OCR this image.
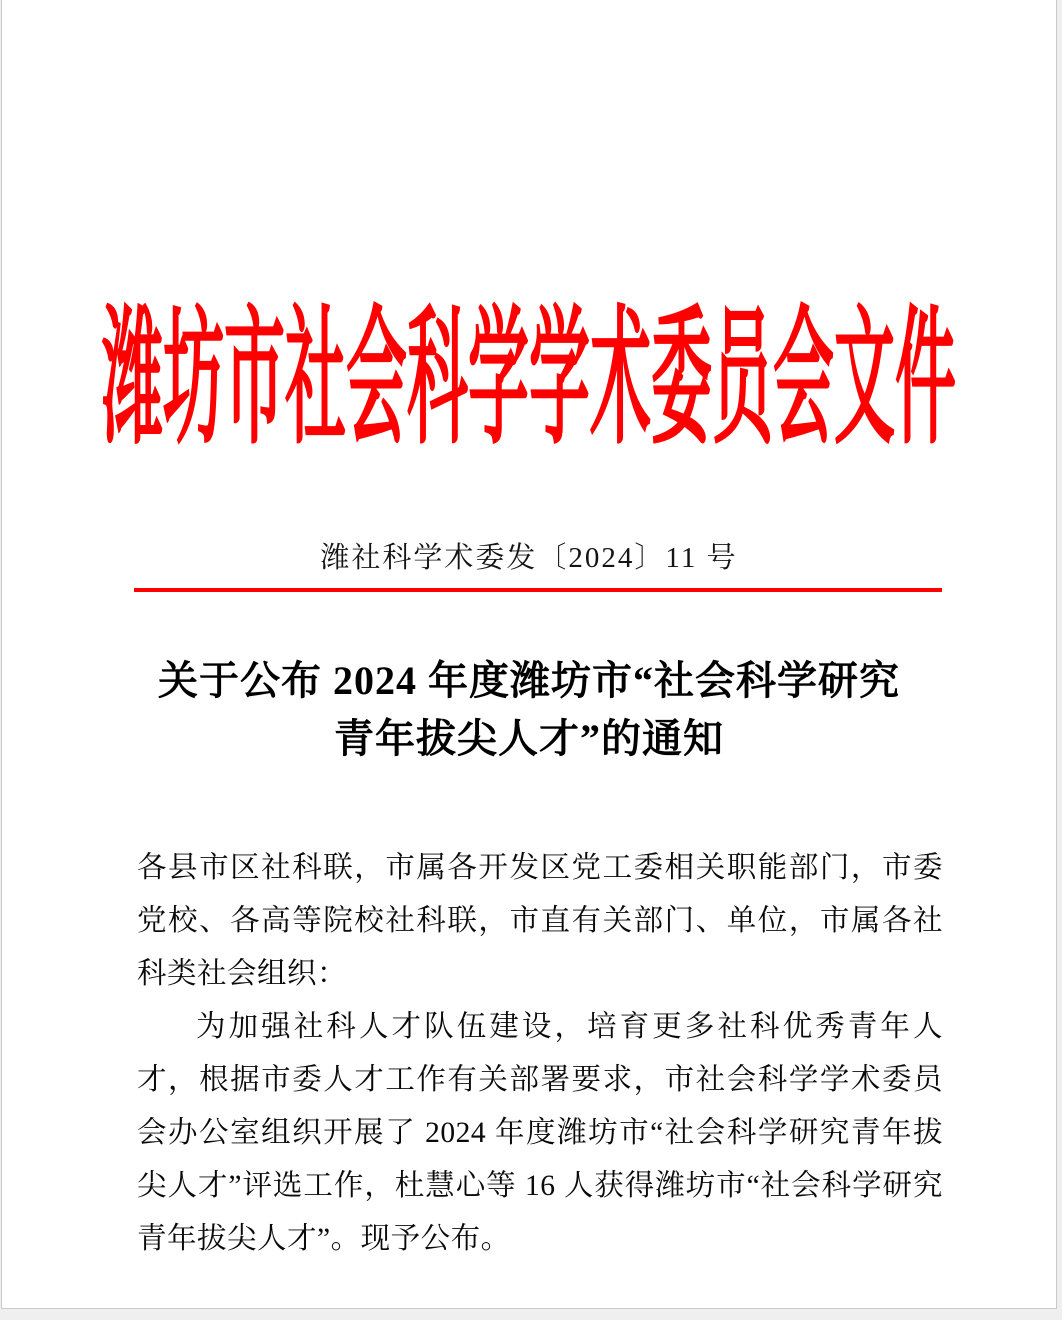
潍坊市社会科学学术委员会文件
潍社科学术委发〔2024〕11 号
关于公布 2024 年度潍坊市“社会科学研究
青年拔尖人才”的通知

各县市区社科联，市属各开发区党工委相关职能部门，市委党校、各高等院校社科联，市直有关部门、单位，市属各社科类社会组织：

为加强社科人才队伍建设，培育更多社科优秀青年人才，根据市委人才工作有关部署要求，市社会科学学术委员会办公室组织开展了 2024 年度潍坊市“社会科学研究青年拔尖人才”评选工作，杜慧心等 16 人获得潍坊市“社会科学研究青年拔尖人才”。现予公布。
